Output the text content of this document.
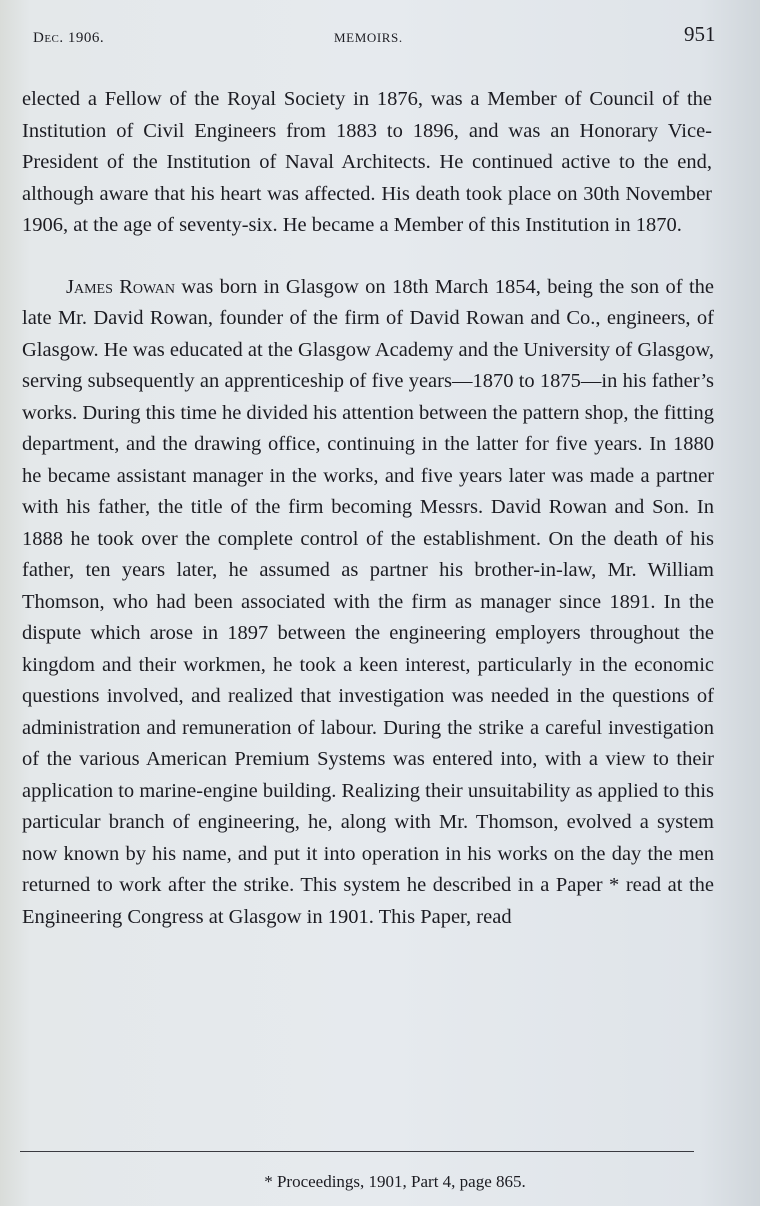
Dec. 1906.	MEMOIRS.	951

elected a Fellow of the Royal Society in 1876, was a Member of Council of the Institution of Civil Engineers from 1883 to 1896, and was an Honorary Vice-President of the Institution of Naval Architects. He continued active to the end, although aware that his heart was affected. His death took place on 30th November 1906, at the age of seventy-six. He became a Member of this Institution in 1870.

James Rowan was born in Glasgow on 18th March 1854, being the son of the late Mr. David Rowan, founder of the firm of David Rowan and Co., engineers, of Glasgow. He was educated at the Glasgow Academy and the University of Glasgow, serving subsequently an apprenticeship of five years—1870 to 1875—in his father’s works. During this time he divided his attention between the pattern shop, the fitting department, and the drawing office, continuing in the latter for five years. In 1880 he became assistant manager in the works, and five years later was made a partner with his father, the title of the firm becoming Messrs. David Rowan and Son. In 1888 he took over the complete control of the establishment. On the death of his father, ten years later, he assumed as partner his brother-in-law, Mr. William Thomson, who had been associated with the firm as manager since 1891. In the dispute which arose in 1897 between the engineering employers throughout the kingdom and their workmen, he took a keen interest, particularly in the economic questions involved, and realized that investigation was needed in the questions of administration and remuneration of labour. During the strike a careful investigation of the various American Premium Systems was entered into, with a view to their application to marine-engine building. Realizing their unsuitability as applied to this particular branch of engineering, he, along with Mr. Thomson, evolved a system now known by his name, and put it into operation in his works on the day the men returned to work after the strike. This system he described in a Paper * read at the Engineering Congress at Glasgow in 1901. This Paper, read

* Proceedings, 1901, Part 4, page 865.
